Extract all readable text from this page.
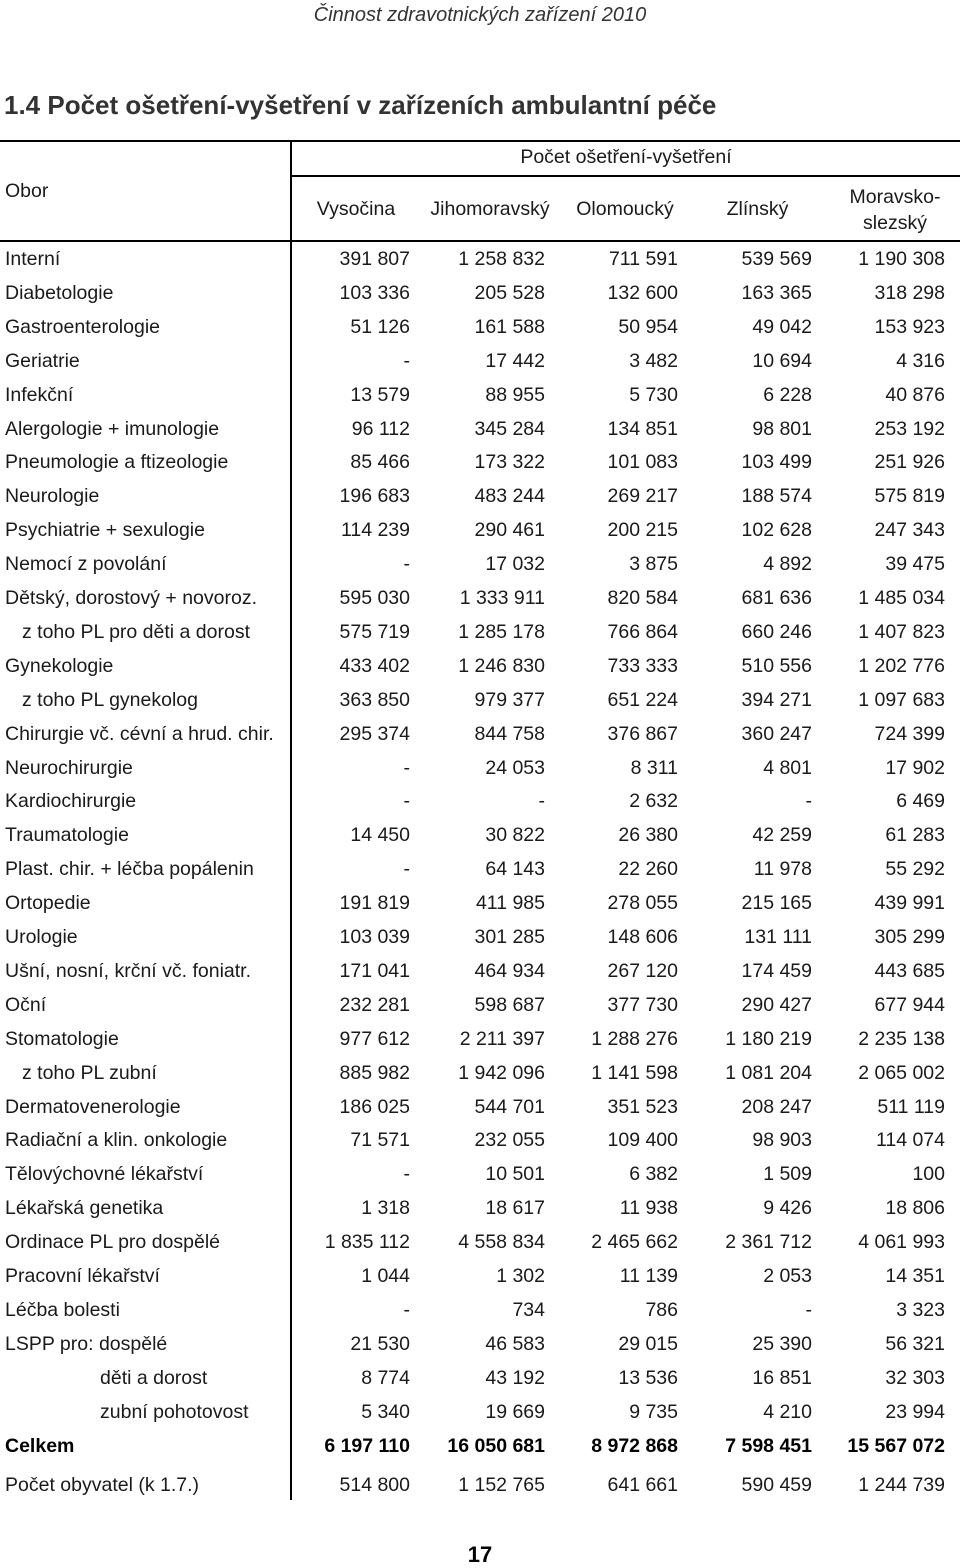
Činnost zdravotnických zařízení 2010
1.4 Počet ošetření-vyšetření v zařízeních ambulantní péče
Obor
Počet ošetření-vyšetření
Vysočina	Jihomoravský	Olomoucký	Zlínský
Moravsko-
slezský
Interní	391 807	1 258 832	711 591	539 569	1 190 308
Diabetologie	103 336	205 528	132 600	163 365	318 298
Gastroenterologie	51 126	161 588	50 954	49 042	153 923
Geriatrie	-	17 442	3 482	10 694	4 316
Infekční	13 579	88 955	5 730	6 228	40 876
Alergologie + imunologie	96 112	345 284	134 851	98 801	253 192
Pneumologie a ftizeologie	85 466	173 322	101 083	103 499	251 926
Neurologie	196 683	483 244	269 217	188 574	575 819
Psychiatrie + sexulogie	114 239	290 461	200 215	102 628	247 343
Nemocí z povolání	-	17 032	3 875	4 892	39 475
Dětský, dorostový + novoroz.	595 030	1 333 911	820 584	681 636	1 485 034
z toho PL pro děti a dorost	575 719	1 285 178	766 864	660 246	1 407 823
Gynekologie	433 402	1 246 830	733 333	510 556	1 202 776
z toho PL gynekolog	363 850	979 377	651 224	394 271	1 097 683
Chirurgie vč. cévní a hrud. chir.	295 374	844 758	376 867	360 247	724 399
Neurochirurgie	-	24 053	8 311	4 801	17 902
Kardiochirurgie	-	-	2 632	-	6 469
Traumatologie	14 450	30 822	26 380	42 259	61 283
Plast. chir. + léčba popálenin	-	64 143	22 260	11 978	55 292
Ortopedie	191 819	411 985	278 055	215 165	439 991
Urologie	103 039	301 285	148 606	131 111	305 299
Ušní, nosní, krční vč. foniatr.	171 041	464 934	267 120	174 459	443 685
Oční	232 281	598 687	377 730	290 427	677 944
Stomatologie	977 612	2 211 397	1 288 276	1 180 219	2 235 138
z toho PL zubní	885 982	1 942 096	1 141 598	1 081 204	2 065 002
Dermatovenerologie	186 025	544 701	351 523	208 247	511 119
Radiační a klin. onkologie	71 571	232 055	109 400	98 903	114 074
Tělovýchovné lékařství	-	10 501	6 382	1 509	100
Lékařská genetika	1 318	18 617	11 938	9 426	18 806
Ordinace PL pro dospělé	1 835 112	4 558 834	2 465 662	2 361 712	4 061 993
Pracovní lékařství	1 044	1 302	11 139	2 053	14 351
Léčba bolesti	-	734	786	-	3 323
LSPP pro: dospělé	21 530	46 583	29 015	25 390	56 321
děti a dorost	8 774	43 192	13 536	16 851	32 303
zubní pohotovost	5 340	19 669	9 735	4 210	23 994
Celkem	6 197 110	16 050 681	8 972 868	7 598 451	15 567 072
Počet obyvatel (k 1.7.)	514 800	1 152 765	641 661	590 459	1 244 739
17
